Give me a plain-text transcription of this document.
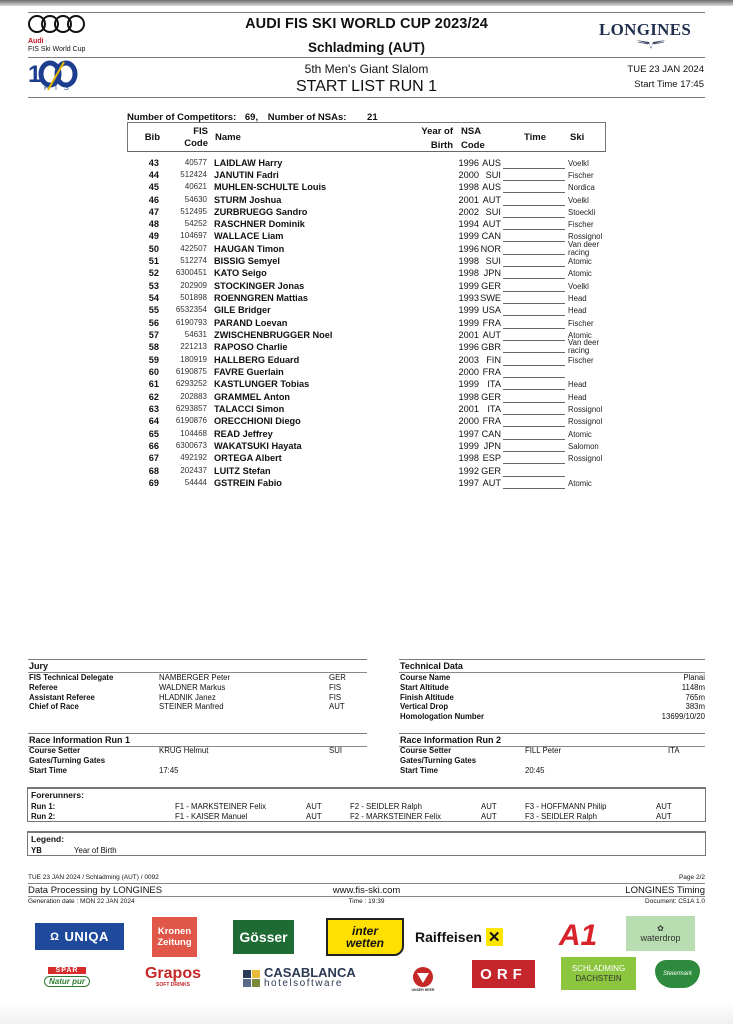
Audi
FIS Ski World Cup
AUDI FIS SKI WORLD CUP 2023/24
Schladming (AUT)
LONGINES
1
F I S
5th Men's Giant Slalom
START LIST RUN 1
TUE 23 JAN 2024
Start Time 17:45
Number of Competitors: 69, Number of NSAs: 21
Bib
FIS
Code
Name
Year of
Birth
NSA
Code
Time	Ski
43	40577 LAIDLAW Harry	1996 AUS	Voelkl
44	512424 JANUTIN Fadri	2000 SUI	Fischer
45	40621 MUHLEN-SCHULTE Louis	1998 AUS	Nordica
46	54630 STURM Joshua	2001 AUT	Voelkl
47	512495 ZURBRUEGG Sandro	2002 SUI	Stoeckli
48	54252 RASCHNER Dominik	1994 AUT	Fischer
49	104697 WALLACE Liam	1999 CAN	Rossignol
50	422507 HAUGAN Timon	1996 NOR	Van deer racing
51	512274 BISSIG Semyel	1998 SUI	Atomic
52	6300451 KATO Seigo	1998 JPN	Atomic
53	202909 STOCKINGER Jonas	1999 GER	Voelkl
54	501898 ROENNGREN Mattias	1993 SWE	Head
55	6532354 GILE Bridger	1999 USA	Head
56	6190793 PARAND Loevan	1999 FRA	Fischer
57	54631 ZWISCHENBRUGGER Noel	2001 AUT	Atomic
58	221213 RAPOSO Charlie	1996 GBR	Van deer racing
59	180919 HALLBERG Eduard	2003 FIN	Fischer
60	6190875 FAVRE Guerlain	2000 FRA
61	6293252 KASTLUNGER Tobias	1999 ITA	Head
62	202883 GRAMMEL Anton	1998 GER	Head
63	6293857 TALACCI Simon	2001 ITA	Rossignol
64	6190876 ORECCHIONI Diego	2000 FRA	Rossignol
65	104468 READ Jeffrey	1997 CAN	Atomic
66	6300673 WAKATSUKI Hayata	1999 JPN	Salomon
67	492192 ORTEGA Albert	1998 ESP	Rossignol
68	202437 LUITZ Stefan	1992 GER
69	54444 GSTREIN Fabio	1997 AUT	Atomic
Jury
FIS Technical Delegate	NAMBERGER Peter	GER
Referee	WALDNER Markus	FIS
Assistant Referee	HLADNIK Janez	FIS
Chief of Race	STEINER Manfred	AUT
Technical Data
Course Name	Planai
Start Altitude	1148m
Finish Altitude	765m
Vertical Drop	383m
Homologation Number	13699/10/20
Race Information Run 1
Course Setter	KRUG Helmut	SUI
Gates/Turning Gates
Start Time	17:45
Race Information Run 2
Course Setter	FILL Peter	ITA
Gates/Turning Gates
Start Time	20:45
Forerunners:
Run 1:	F1 - MARKSTEINER Felix	AUT	F2 - SEIDLER Ralph	AUT	F3 - HOFFMANN Philip	AUT
Run 2:	F1 - KAISER Manuel	AUT	F2 - MARKSTEINER Felix	AUT	F3 - SEIDLER Ralph	AUT
Legend:
YB	Year of Birth
TUE 23 JAN 2024 / Schladming (AUT) / 0092	Page 2/2
Data Processing by LONGINES	www.fis-ski.com	LONGINES Timing
Generation date : MON 22 JAN 2024	Time : 19:39	Document: C51A 1.0
Ω UNIQA	Kronen
Zeitung	Gösser	inter
wetten Raiffeisen ✕ A1	✿
waterdrop
SPAR
Natur pur	Grapos
SOFT DRINKS
CASABLANCA
hotelsoftware
UNSER HEER
ORF	SCHLADMING
DACHSTEIN	Steiermark
